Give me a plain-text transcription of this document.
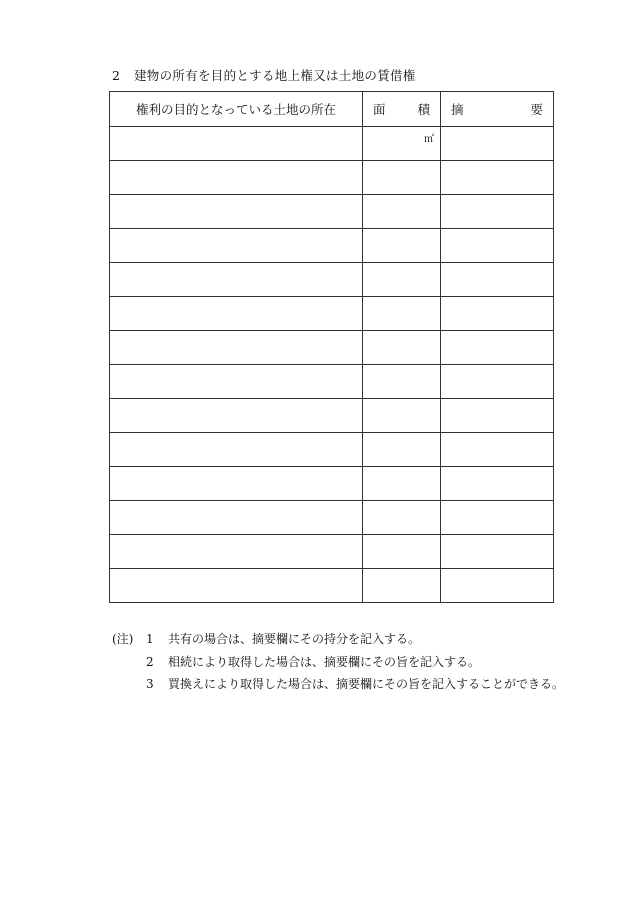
2 建物の所有を目的とする地上権又は土地の賃借権
権利の目的となっている土地の所在	面 積	摘 要

	㎡	

(注)	1	共有の場合は、摘要欄にその持分を記入する。
2	相続により取得した場合は、摘要欄にその旨を記入する。
3	買換えにより取得した場合は、摘要欄にその旨を記入することができる。
